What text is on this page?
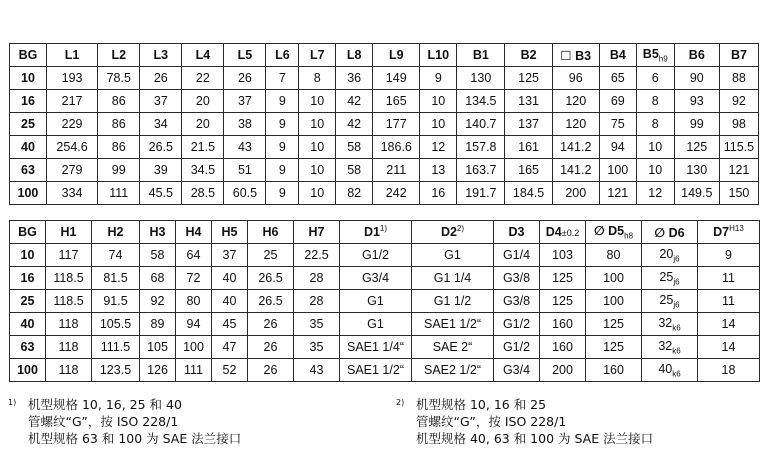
BG	L1	L2	L3	L4	L5	L6	L7	L8	L9	L10	B1	B2	☐ B3	B4	$B5_{h9}$	B6	B7
10	193	78.5	26	22	26	7	8	36	149	9	130	125	96	65	6	90	88
16	217	86	37	20	37	9	10	42	165	10	134.5	131	120	69	8	93	92
25	229	86	34	20	38	9	10	42	177	10	140.7	137	120	75	8	99	98
40	254.6	86	26.5	21.5	43	9	10	58	186.6	12	157.8	161	141.2	94	10	125	115.5
63	279	99	39	34.5	51	9	10	58	211	13	163.7	165	141.2	100	10	130	121
100	334	111	45.5	28.5	60.5	9	10	82	242	16	191.7	184.5	200	121	12	149.5	150
BG	H1	H2	H3	H4	H5	H6	H7	D1$^{1)}$	D2$^{2)}$	D3	D4±0.2	∅ $D5_{h8}$	∅ D6	$D7^{H13}$
10	117	74	58	64	37	25	22.5	G1/2	G1	G1/4	103	80	$20_{j6}$	9
16	118.5	81.5	68	72	40	26.5	28	G3/4	G1 1/4	G3/8	125	100	$25_{j6}$	11
25	118.5	91.5	92	80	40	26.5	28	G1	G1 1/2	G3/8	125	100	$25_{j6}$	11
40	118	105.5	89	94	45	26	35	G1	SAE1 1/2“	G1/2	160	125	$32_{k6}$	14
63	118	111.5	105	100	47	26	35	SAE1 1/4“	SAE 2“	G1/2	160	125	$32_{k6}$	14
100	118	123.5	126	111	52	26	43	SAE1 1/2“	SAE2 1/2“	G3/4	200	160	$40_{k6}$	18
1) 机型规格 10, 16, 25 和 40
管螺纹“G”，按 ISO 228/1
机型规格 63 和 100 为 SAE 法兰接口
2) 机型规格 10, 16 和 25
管螺纹“G”，按 ISO 228/1
机型规格 40, 63 和 100 为 SAE 法兰接口
